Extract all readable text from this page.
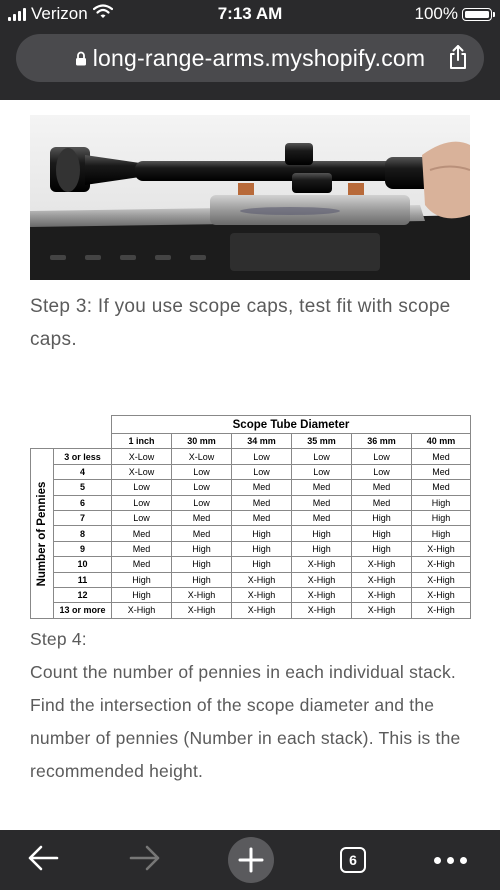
Verizon	7:13 AM	100%
long-range-arms.myshopify.com
Step 3: If you use scope caps, test fit with scope caps.
		Scope Tube Diameter					
		1 inch	30 mm	34 mm	35 mm	36 mm	40 mm

Number of Pennies	3 or less	X-Low	X-Low	Low	Low	Low	Med
	4	X-Low	Low	Low	Low	Low	Med
	5	Low	Low	Med	Med	Med	Med
	6	Low	Low	Med	Med	Med	High
	7	Low	Med	Med	Med	High	High
	8	Med	Med	High	High	High	High
	9	Med	High	High	High	High	X-High
	10	Med	High	High	X-High	X-High	X-High
	11	High	High	X-High	X-High	X-High	X-High
	12	High	X-High	X-High	X-High	X-High	X-High
	13 or more	X-High	X-High	X-High	X-High	X-High	X-High

Step 4:

Count the number of pennies in each individual stack.

Find the intersection of the scope diameter and the number of pennies (Number in each stack). This is the recommended height.

6
